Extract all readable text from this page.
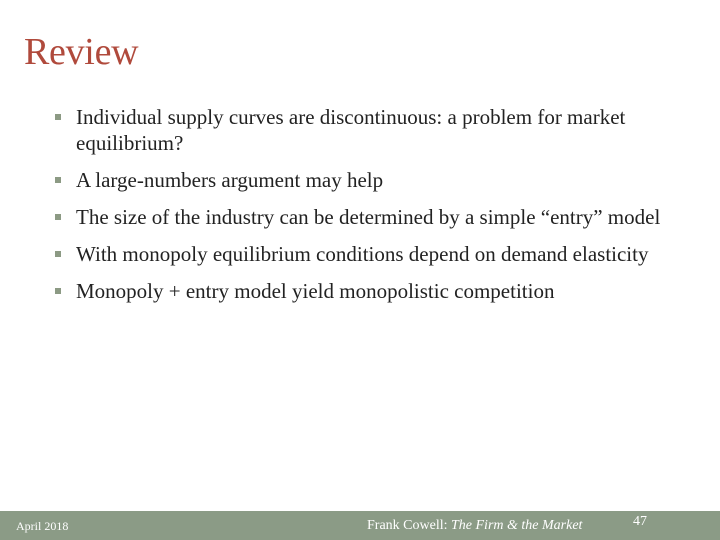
Review
Individual supply curves are discontinuous: a problem for market equilibrium?
A large-numbers argument may help
The size of the industry can be determined by a simple “entry” model
With monopoly equilibrium conditions depend on demand elasticity
Monopoly + entry model yield monopolistic competition
April 2018	Frank Cowell: The Firm & the Market	47
